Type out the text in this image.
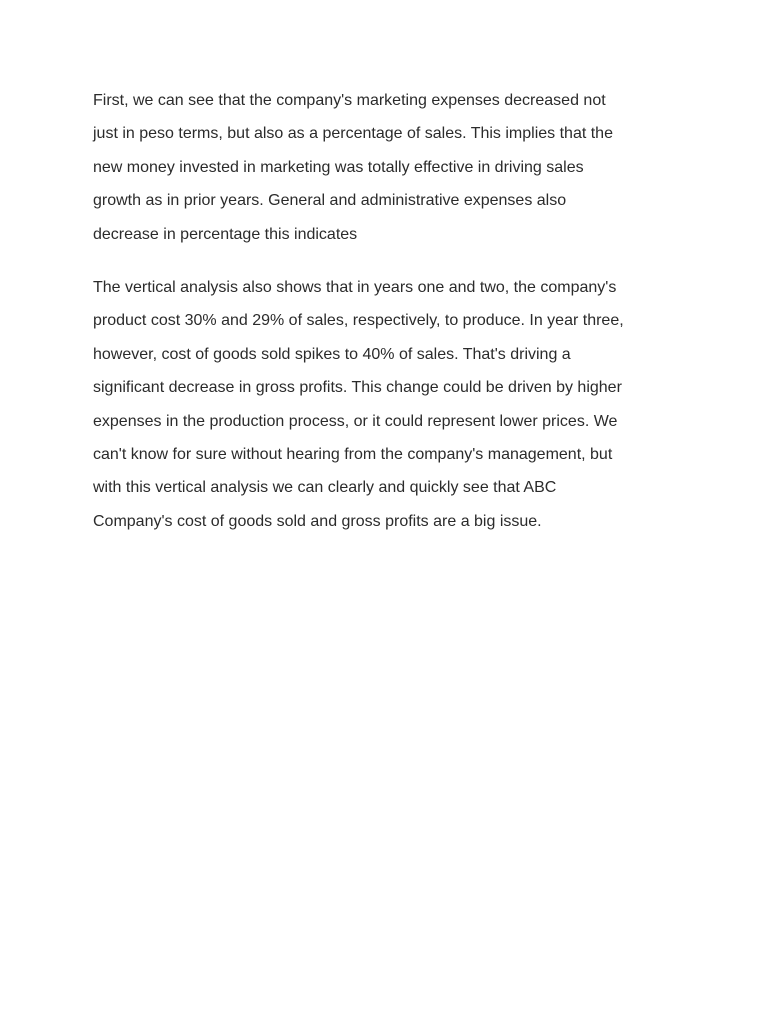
First, we can see that the company's marketing expenses decreased not
just in peso terms, but also as a percentage of sales. This implies that the
new money invested in marketing was totally effective in driving sales
growth as in prior years. General and administrative expenses also
decrease in percentage this indicates

The vertical analysis also shows that in years one and two, the company's
product cost 30% and 29% of sales, respectively, to produce. In year three,
however, cost of goods sold spikes to 40% of sales. That's driving a
significant decrease in gross profits. This change could be driven by higher
expenses in the production process, or it could represent lower prices. We
can't know for sure without hearing from the company's management, but
with this vertical analysis we can clearly and quickly see that ABC
Company's cost of goods sold and gross profits are a big issue.
